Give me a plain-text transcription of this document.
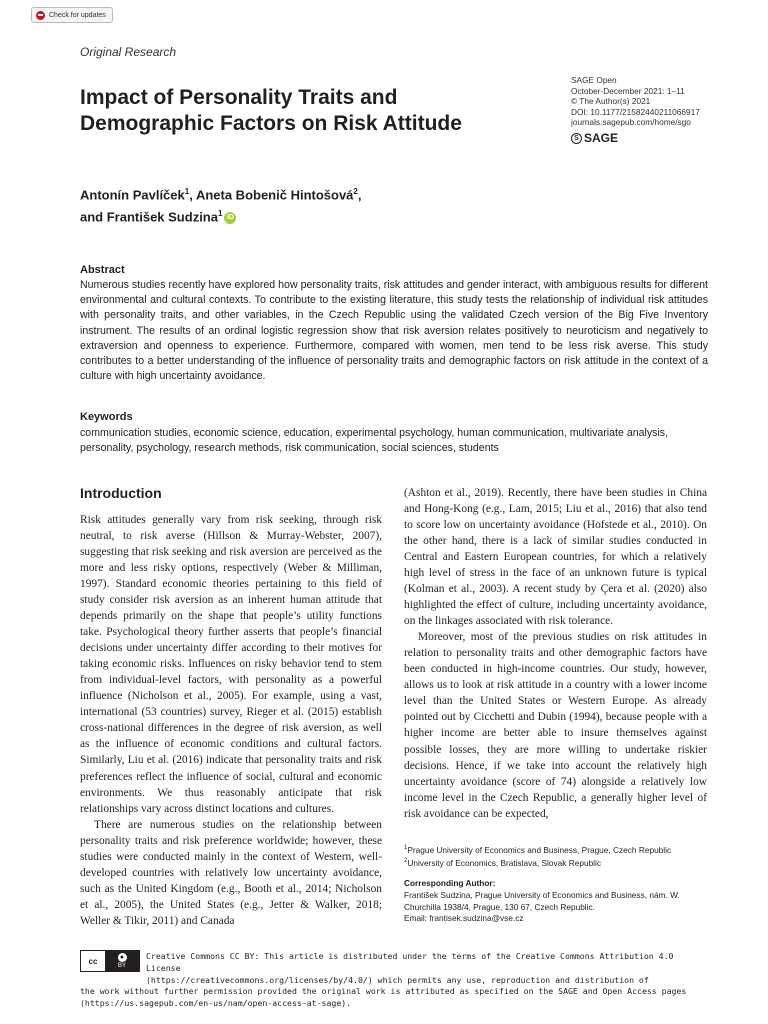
Check for updates
Original Research
Impact of Personality Traits and Demographic Factors on Risk Attitude
SAGE Open
October-December 2021: 1–11
© The Author(s) 2021
DOI: 10.1177/21582440211066917
journals.sagepub.com/home/sgo
S SAGE
Antonín Pavlíček$^1$, Aneta Bobenič Hintošová$^2$,
and František Sudzina$^1$ iD
Abstract
Numerous studies recently have explored how personality traits, risk attitudes and gender interact, with ambiguous results for different environmental and cultural contexts. To contribute to the existing literature, this study tests the relationship of individual risk attitudes with personality traits, and other variables, in the Czech Republic using the validated Czech version of the Big Five Inventory instrument. The results of an ordinal logistic regression show that risk aversion relates positively to neuroticism and negatively to extraversion and openness to experience. Furthermore, compared with women, men tend to be less risk averse. This study contributes to a better understanding of the influence of personality traits and demographic factors on risk attitude in the context of a culture with high uncertainty avoidance.
Keywords
communication studies, economic science, education, experimental psychology, human communication, multivariate analysis, personality, psychology, research methods, risk communication, social sciences, students
Introduction

Risk attitudes generally vary from risk seeking, through risk neutral, to risk averse (Hillson & Murray-Webster, 2007), suggesting that risk seeking and risk aversion are perceived as the more and less risky options, respectively (Weber & Milliman, 1997). Standard economic theories pertaining to this field of study consider risk aversion as an inherent human attitude that depends primarily on the shape that people’s utility functions take. Psychological theory further asserts that people’s financial decisions under uncertainty differ according to their motives for taking economic risks. Influences on risky behavior tend to stem from individual-level factors, with personality as a powerful influence (Nicholson et al., 2005). For example, using a vast, international (53 countries) survey, Rieger et al. (2015) establish cross-national differences in the degree of risk aversion, as well as the influence of economic conditions and cultural factors. Similarly, Liu et al. (2016) indicate that personality traits and risk preferences reflect the influence of social, cultural and economic environments. We thus reasonably anticipate that risk relationships vary across distinct locations and cultures.

There are numerous studies on the relationship between personality traits and risk preference worldwide; however, these studies were conducted mainly in the context of Western, well-developed countries with relatively low uncertainty avoidance, such as the United Kingdom (e.g., Booth et al., 2014; Nicholson et al., 2005), the United States (e.g., Jetter & Walker, 2018; Weller & Tikir, 2011) and Canada

(Ashton et al., 2019). Recently, there have been studies in China and Hong-Kong (e.g., Lam, 2015; Liu et al., 2016) that also tend to score low on uncertainty avoidance (Hofstede et al., 2010). On the other hand, there is a lack of similar studies conducted in Central and Eastern European countries, for which a relatively high level of stress in the face of an unknown future is typical (Kolman et al., 2003). A recent study by Çera et al. (2020) also highlighted the effect of culture, including uncertainty avoidance, on the linkages associated with risk tolerance.

Moreover, most of the previous studies on risk attitudes in relation to personality traits and other demographic factors have been conducted in high-income countries. Our study, however, allows us to look at risk attitude in a country with a lower income level than the United States or Western Europe. As already pointed out by Cicchetti and Dubin (1994), because people with a higher income are better able to insure themselves against possible losses, they are more willing to undertake riskier decisions. Hence, if we take into account the relatively high uncertainty avoidance (score of 74) alongside a relatively low income level in the Czech Republic, a generally higher level of risk avoidance can be expected,

$^1$Prague University of Economics and Business, Prague, Czech Republic
$^2$University of Economics, Bratislava, Slovak Republic
Corresponding Author:
František Sudzina, Prague University of Economics and Business, nám. W. Churchilla 1938/4, Prague, 130 67, Czech Republic.
Email: frantisek.sudzina@vse.cz
Creative Commons CC BY: This article is distributed under the terms of the Creative Commons Attribution 4.0 License
(https://creativecommons.org/licenses/by/4.0/) which permits any use, reproduction and distribution of
the work without further permission provided the original work is attributed as specified on the SAGE and Open Access pages
(https://us.sagepub.com/en-us/nam/open-access-at-sage).
cc	●
BY
